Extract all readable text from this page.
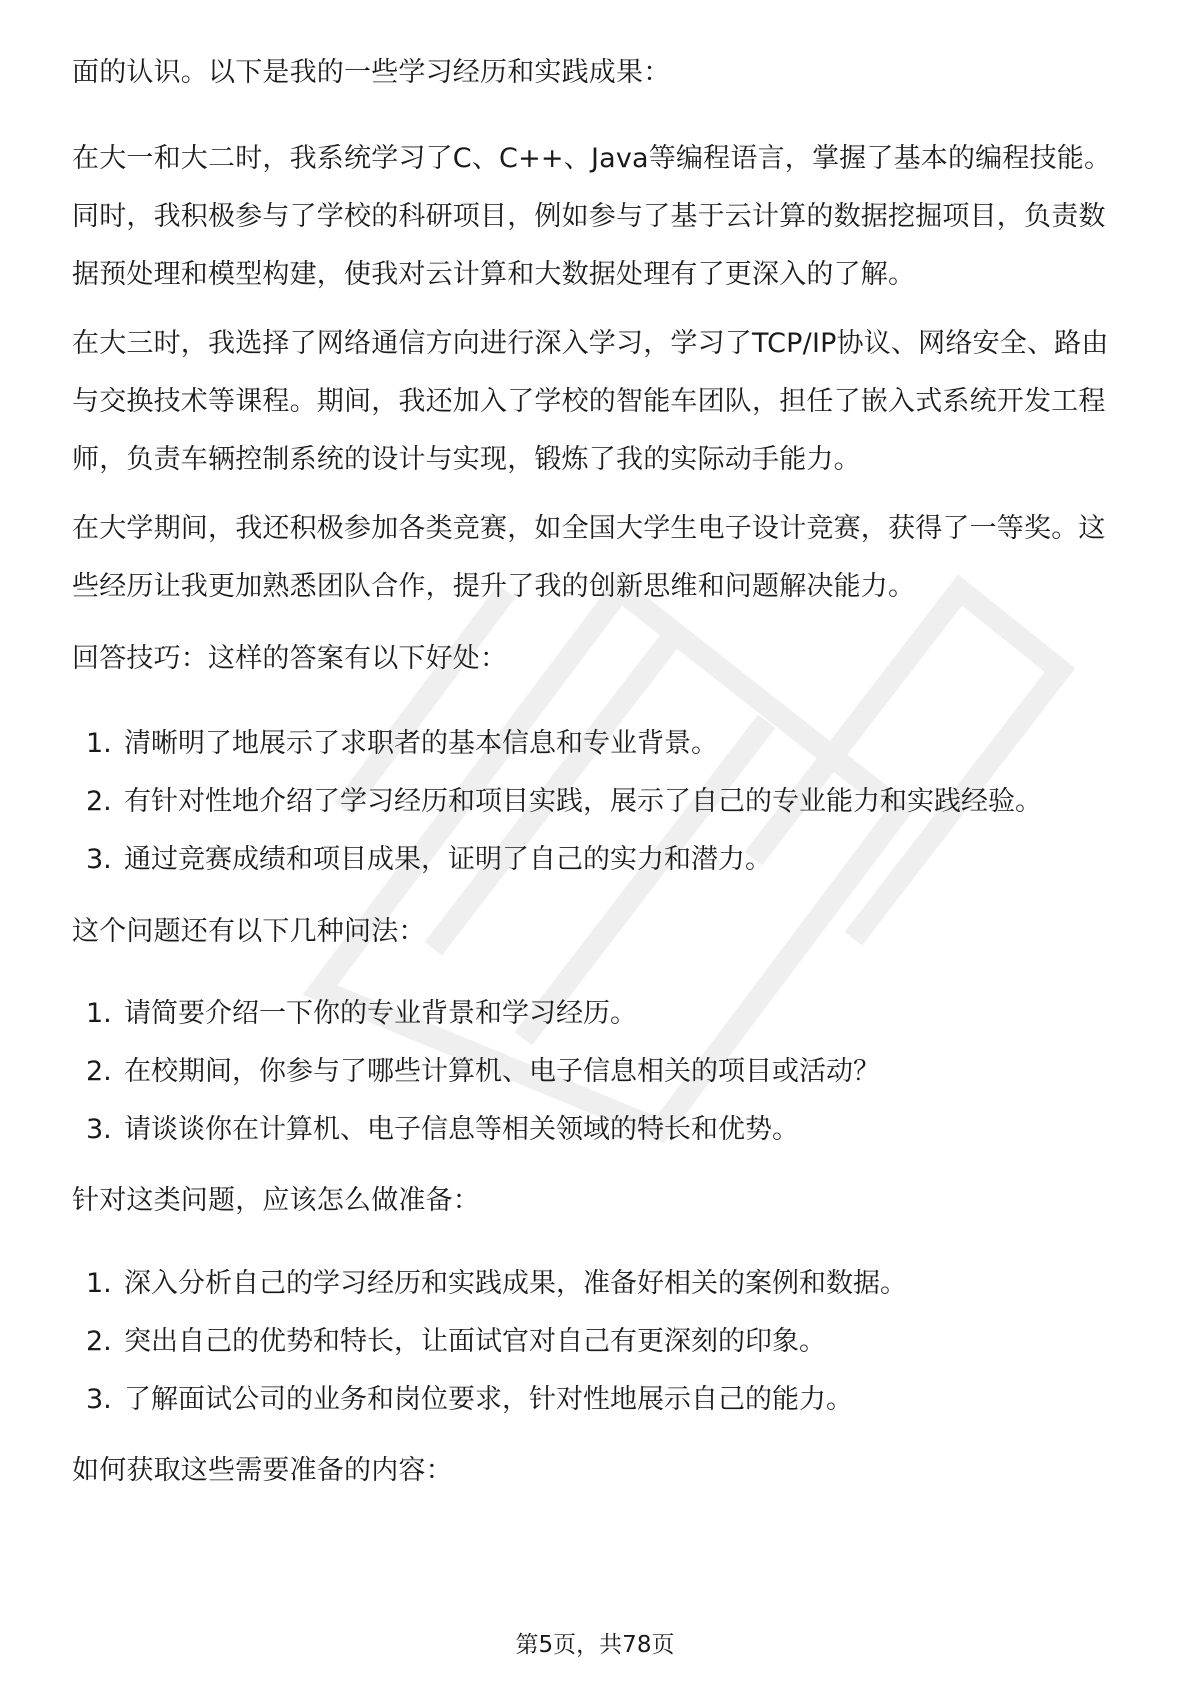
面的认识。以下是我的一些学习经历和实践成果：

在大一和大二时，我系统学习了C、C++、Java等编程语言，掌握了基本的编程技能。同时，我积极参与了学校的科研项目，例如参与了基于云计算的数据挖掘项目，负责数据预处理和模型构建，使我对云计算和大数据处理有了更深入的了解。

在大三时，我选择了网络通信方向进行深入学习，学习了TCP/IP协议、网络安全、路由与交换技术等课程。期间，我还加入了学校的智能车团队，担任了嵌入式系统开发工程师，负责车辆控制系统的设计与实现，锻炼了我的实际动手能力。

在大学期间，我还积极参加各类竞赛，如全国大学生电子设计竞赛，获得了一等奖。这些经历让我更加熟悉团队合作，提升了我的创新思维和问题解决能力。

回答技巧：这样的答案有以下好处：

1. 清晰明了地展示了求职者的基本信息和专业背景。
2. 有针对性地介绍了学习经历和项目实践，展示了自己的专业能力和实践经验。
3. 通过竞赛成绩和项目成果，证明了自己的实力和潜力。

这个问题还有以下几种问法：

1. 请简要介绍一下你的专业背景和学习经历。
2. 在校期间，你参与了哪些计算机、电子信息相关的项目或活动？
3. 请谈谈你在计算机、电子信息等相关领域的特长和优势。

针对这类问题，应该怎么做准备：

1. 深入分析自己的学习经历和实践成果，准备好相关的案例和数据。
2. 突出自己的优势和特长，让面试官对自己有更深刻的印象。
3. 了解面试公司的业务和岗位要求，针对性地展示自己的能力。

如何获取这些需要准备的内容：

第5页，共78页
